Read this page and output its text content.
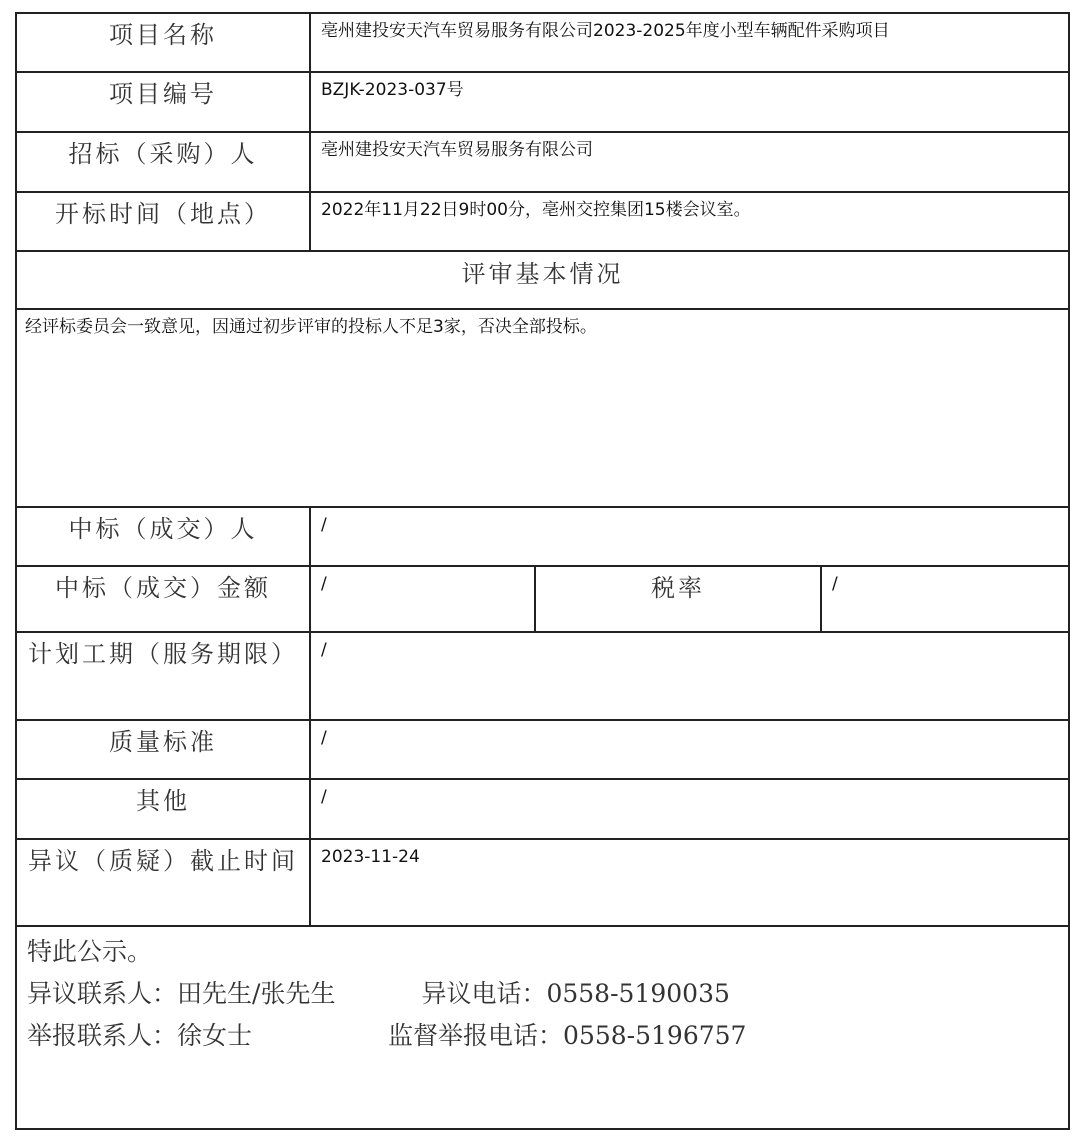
项目名称	亳州建投安天汽车贸易服务有限公司2023-2025年度小型车辆配件采购项目		
项目编号	BZJK-2023-037号		
招标（采购）人	亳州建投安天汽车贸易服务有限公司		
开标时间（地点）	2022年11月22日9时00分，亳州交控集团15楼会议室。		
评审基本情况			
经评标委员会一致意见，因通过初步评审的投标人不足3家，否决全部投标。			
中标（成交）人	/		
中标（成交）金额	/	税率	/
计划工期（服务期限）	/		
质量标准	/		
其他	/		
异议（质疑）截止时间	2023-11-24		

特此公示。
异议联系人：田先生/张先生 异议电话：0558-5190035
举报联系人：徐女士 监督举报电话：0558-5196757			
